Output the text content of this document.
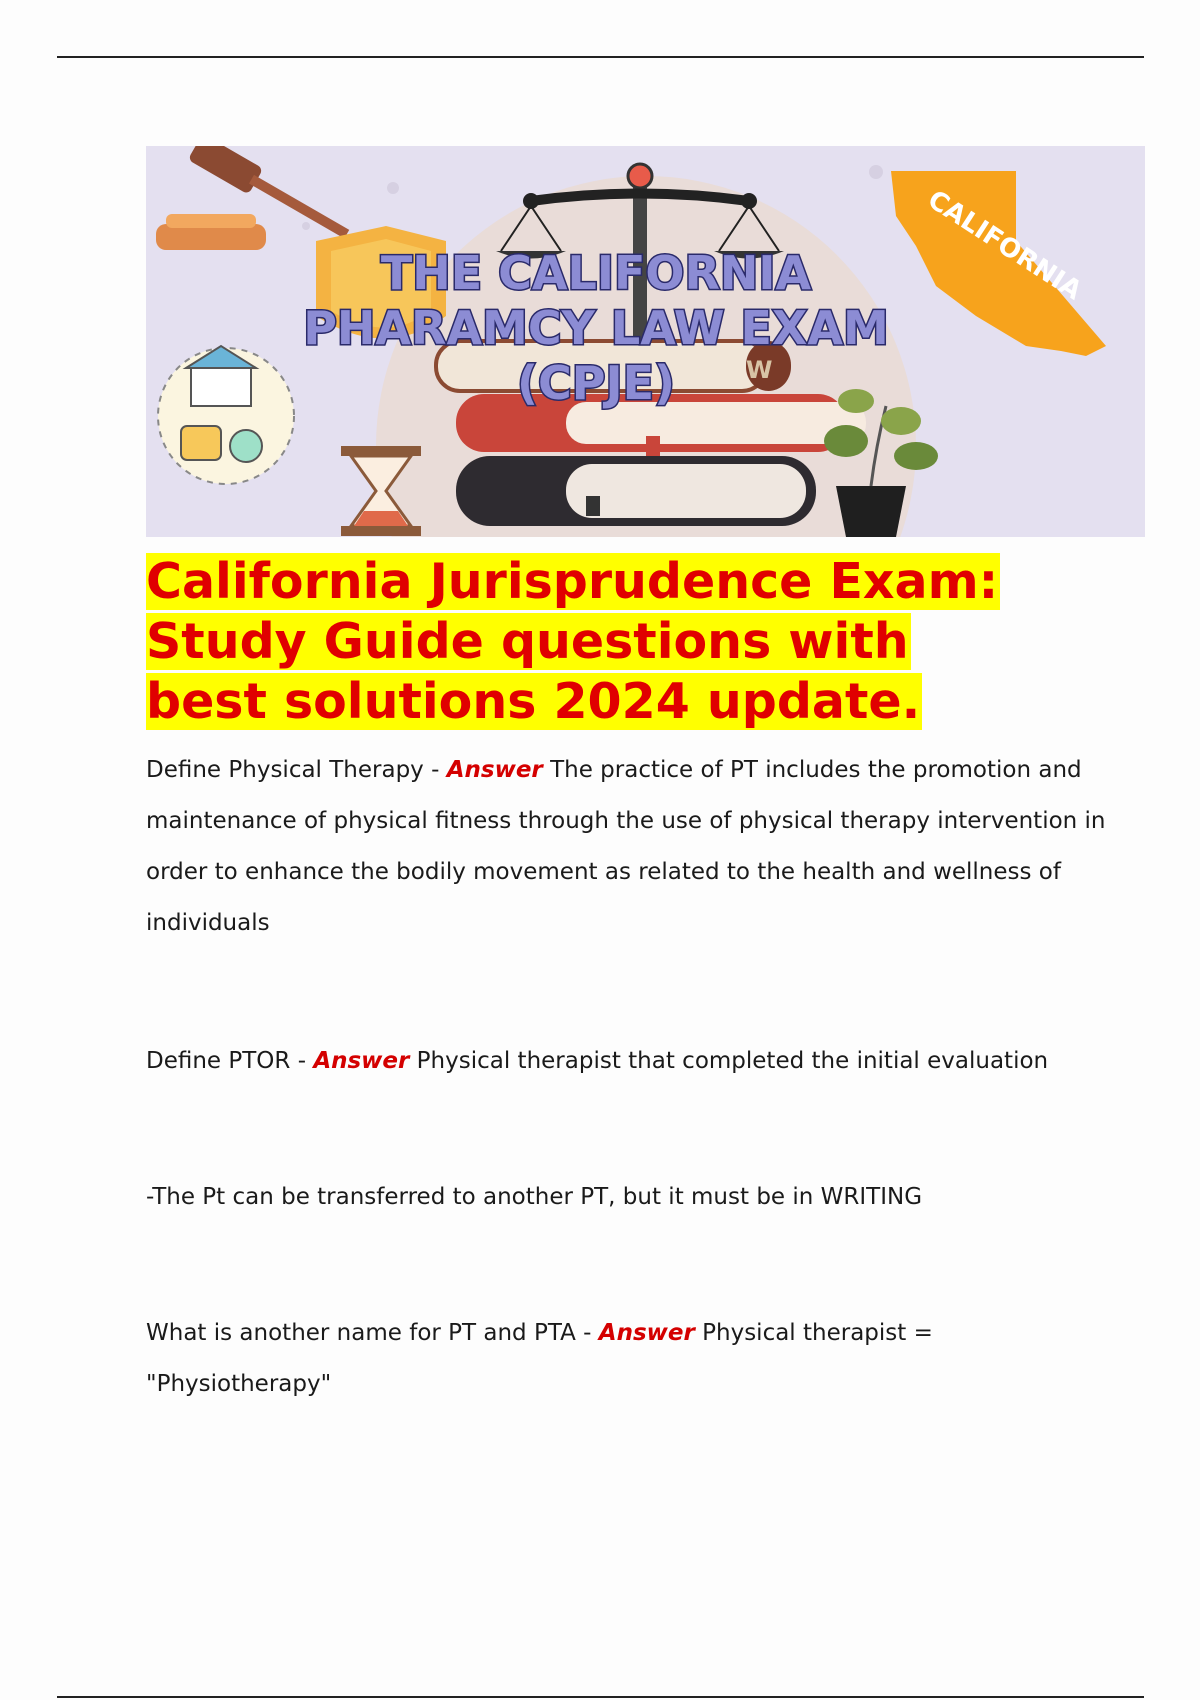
CALIFORNIA
W
THE CALIFORNIA
PHARAMCY LAW EXAM
(CPJE)
California Jurisprudence Exam:
Study Guide questions with
best solutions 2024 update.

Define Physical Therapy - Answer The practice of PT includes the promotion and maintenance of physical fitness through the use of physical therapy intervention in order to enhance the bodily movement as related to the health and wellness of individuals

Define PTOR - Answer Physical therapist that completed the initial evaluation

-The Pt can be transferred to another PT, but it must be in WRITING

What is another name for PT and PTA - Answer Physical therapist = "Physiotherapy"
